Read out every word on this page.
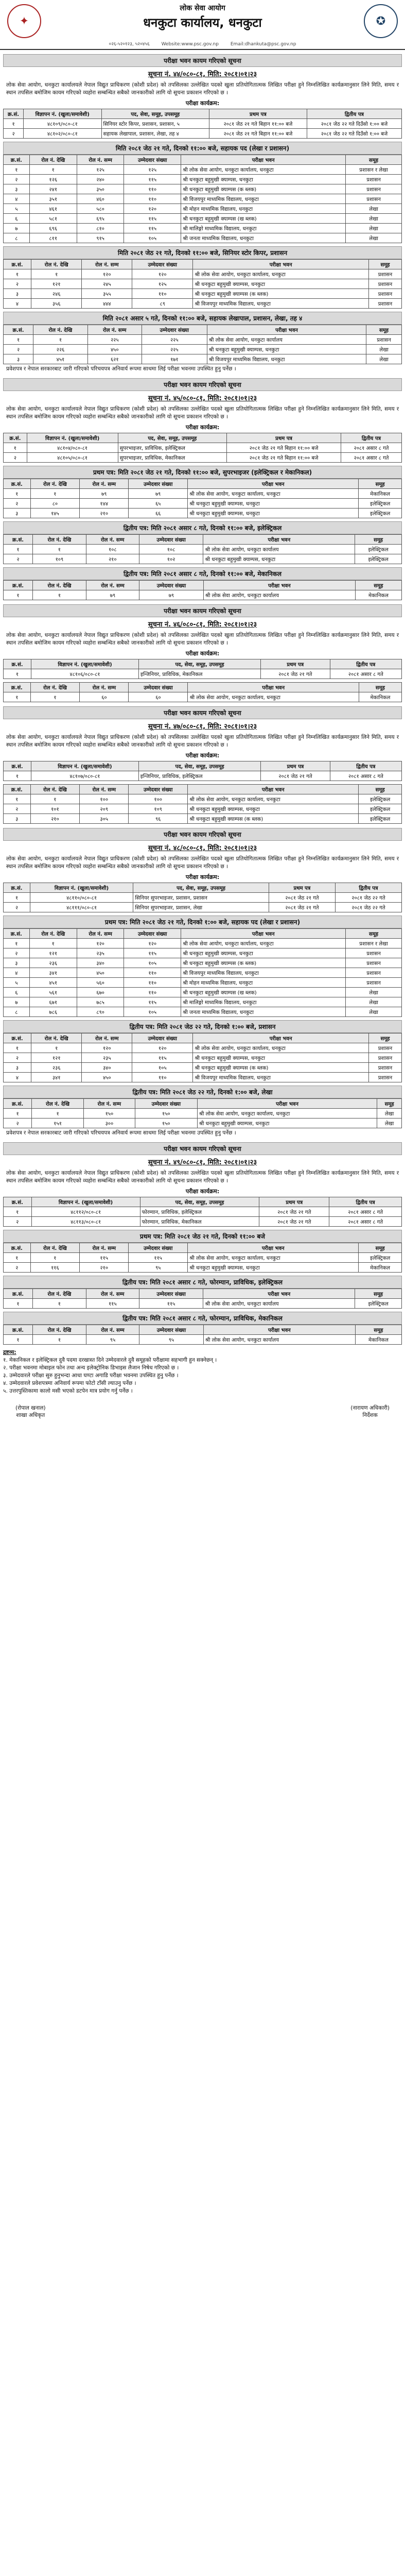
✦	✪
लोक सेवा आयोग
धनकुटा कार्यालय, धनकुटा
०२६-५२०१२३, ५२०४५६	Website:www.psc.gov.np	Email:dhankuta@psc.gov.np
परीक्षा भवन कायम गरिएको सूचना
सूचना नं. ४४/०८०-८१, मिति: २०८१।०१।२३
लोक सेवा आयोग, धनकुटा कार्यालयले नेपाल विद्युत प्राधिकरण (कोशी प्रदेश) को तपसिलका उल्लेखित पदको खुला प्रतियोगितात्मक लिखित परीक्षा हुने निम्नलिखित कार्यक्रमानुसार लिने मिति, समय र स्थान तपसिल बमोजिम कायम गरिएको व्यहोरा सम्बन्धित सबैको जानकारीको लागि यो सूचना प्रकाशन गरिएको छ ।
परीक्षा कार्यक्रम:
क्र.सं.	विज्ञापन नं. (खुला/समावेशी)	पद, सेवा, समूह, उपसमूह	प्रथम पत्र	द्वितीय पत्र
१	४८१०९/०८०-८१	सिनियर स्टोर किपर, प्रशासन, प्रशासन, ५	२०८१ जेठ २१ गते बिहान ११:०० बजे	२०८१ जेठ २२ गते दिउँसो १:०० बजे
२	४८१०२/०८०-८१	सहायक लेखापाल, प्रशासन, लेखा, तह ४	२०८१ जेठ २१ गते बिहान ११:०० बजे	२०८१ जेठ २२ गते दिउँसो १:०० बजे
मिति २०८१ जेठ २१ गते, दिनको ११:०० बजे, सहायक पद (लेखा र प्रशासन)
क्र.सं.	रोल नं. देखि	रोल नं. सम्म	उम्मेदवार संख्या	परीक्षा भवन	समूह
१	१	१२५	१२५	श्री लोक सेवा आयोग, धनकुटा कार्यालय, धनकुटा	प्रशासन र लेखा
२	१२६	२४०	११५	श्री धनकुटा बहुमुखी क्याम्पस, धनकुटा	प्रशासन
३	२४१	३५०	११०	श्री धनकुटा बहुमुखी क्याम्पस (क ब्लक)	प्रशासन
४	३५१	४६०	११०	श्री विजयपुर माध्यमिक विद्यालय, धनकुटा	प्रशासन
५	४६१	५८०	१२०	श्री मोहन माध्यमिक विद्यालय, धनकुटा	लेखा
६	५८१	६९५	११५	श्री धनकुटा बहुमुखी क्याम्पस (ख ब्लक)	लेखा
७	६९६	८१०	११५	श्री मालिङ्गो माध्यमिक विद्यालय, धनकुटा	लेखा
८	८११	९१५	१०५	श्री जनता माध्यमिक विद्यालय, धनकुटा	लेखा
मिति २०८१ जेठ २१ गते, दिनको ११:०० बजे, सिनियर स्टोर किपर, प्रशासन
क्र.सं.	रोल नं. देखि	रोल नं. सम्म	उम्मेदवार संख्या	परीक्षा भवन	समूह
१	१	१२०	१२०	श्री लोक सेवा आयोग, धनकुटा कार्यालय, धनकुटा	प्रशासन
२	१२१	२४५	१२५	श्री धनकुटा बहुमुखी क्याम्पस, धनकुटा	प्रशासन
३	२४६	३५५	११०	श्री धनकुटा बहुमुखी क्याम्पस (क ब्लक)	प्रशासन
४	३५६	४४४	८९	श्री विजयपुर माध्यमिक विद्यालय, धनकुटा	प्रशासन
मिति २०८१ असार ५ गते, दिनको ११:०० बजे, सहायक लेखापाल, प्रशासन, लेखा, तह ४
क्र.सं.	रोल नं. देखि	रोल नं. सम्म	उम्मेदवार संख्या	परीक्षा भवन	समूह
१	१	२२५	२२५	श्री लोक सेवा आयोग, धनकुटा कार्यालय	प्रशासन
२	२२६	४५०	२२५	श्री धनकुटा बहुमुखी क्याम्पस, धनकुटा	लेखा
३	४५१	६२१	१७१	श्री विजयपुर माध्यमिक विद्यालय, धनकुटा	लेखा
प्रवेशपत्र र नेपाल सरकारबाट जारी गरिएको परिचयपत्र अनिवार्य रूपमा साथमा लिई परीक्षा भवनमा उपस्थित हुनु पर्नेछ ।
परीक्षा भवन कायम गरिएको सूचना
सूचना नं. ४५/०८०-८१, मिति: २०८१।०१।२३
लोक सेवा आयोग, धनकुटा कार्यालयले नेपाल विद्युत प्राधिकरण (कोशी प्रदेश) को तपसिलका उल्लेखित पदको खुला प्रतियोगितात्मक लिखित परीक्षा हुने निम्नलिखित कार्यक्रमानुसार लिने मिति, समय र स्थान तपसिल बमोजिम कायम गरिएको व्यहोरा सम्बन्धित सबैको जानकारीको लागि यो सूचना प्रकाशन गरिएको छ ।
परीक्षा कार्यक्रम:
क्र.सं.	विज्ञापन नं. (खुला/समावेशी)	पद, सेवा, समूह, उपसमूह	प्रथम पत्र	द्वितीय पत्र
१	४८१०४/०८०-८१	सुपरभाइजर, प्राविधिक, इलेक्ट्रिकल	२०८१ जेठ २१ गते बिहान ११:०० बजे	२०८१ असार ८ गते
२	४८१०५/०८०-८१	सुपरभाइजर, प्राविधिक, मेकानिकल	२०८१ जेठ २१ गते बिहान ११:०० बजे	२०८१ असार ८ गते
प्रथम पत्र: मिति २०८१ जेठ २१ गते, दिनको ११:०० बजे, सुपरभाइजर (इलेक्ट्रिकल र मेकानिकल)
क्र.सं.	रोल नं. देखि	रोल नं. सम्म	उम्मेदवार संख्या	परीक्षा भवन	समूह
१	१	७९	७९	श्री लोक सेवा आयोग, धनकुटा कार्यालय, धनकुटा	मेकानिकल
२	८०	१४४	६५	श्री धनकुटा बहुमुखी क्याम्पस, धनकुटा	इलेक्ट्रिकल
३	१४५	२१०	६६	श्री धनकुटा बहुमुखी क्याम्पस, धनकुटा	इलेक्ट्रिकल
द्वितीय पत्र: मिति २०८१ असार ८ गते, दिनको ११:०० बजे, इलेक्ट्रिकल
क्र.सं.	रोल नं. देखि	रोल नं. सम्म	उम्मेदवार संख्या	परीक्षा भवन	समूह
१	१	१०८	१०८	श्री लोक सेवा आयोग, धनकुटा कार्यालय	इलेक्ट्रिकल
२	१०९	२१०	१०२	श्री धनकुटा बहुमुखी क्याम्पस, धनकुटा	इलेक्ट्रिकल
द्वितीय पत्र: मिति २०८१ असार ८ गते, दिनको ११:०० बजे, मेकानिकल
क्र.सं.	रोल नं. देखि	रोल नं. सम्म	उम्मेदवार संख्या	परीक्षा भवन	समूह
१	१	७९	७९	श्री लोक सेवा आयोग, धनकुटा कार्यालय	मेकानिकल
परीक्षा भवन कायम गरिएको सूचना
सूचना नं. ४६/०८०-८१, मिति: २०८१।०१।२३
लोक सेवा आयोग, धनकुटा कार्यालयले नेपाल विद्युत प्राधिकरण (कोशी प्रदेश) को तपसिलका उल्लेखित पदको खुला प्रतियोगितात्मक लिखित परीक्षा हुने निम्नलिखित कार्यक्रमानुसार लिने मिति, समय र स्थान तपसिल बमोजिम कायम गरिएको व्यहोरा सम्बन्धित सबैको जानकारीको लागि यो सूचना प्रकाशन गरिएको छ ।
परीक्षा कार्यक्रम:
क्र.सं.	विज्ञापन नं. (खुला/समावेशी)	पद, सेवा, समूह, उपसमूह	प्रथम पत्र	द्वितीय पत्र
१	४८१०६/०८०-८१	इन्जिनियर, प्राविधिक, मेकानिकल	२०८१ जेठ २१ गते	२०८१ असार ८ गते
क्र.सं.	रोल नं. देखि	रोल नं. सम्म	उम्मेदवार संख्या	परीक्षा भवन	समूह
१	१	६०	६०	श्री लोक सेवा आयोग, धनकुटा कार्यालय, धनकुटा	मेकानिकल
परीक्षा भवन कायम गरिएको सूचना
सूचना नं. ४७/०८०-८१, मिति: २०८१।०१।२३
लोक सेवा आयोग, धनकुटा कार्यालयले नेपाल विद्युत प्राधिकरण (कोशी प्रदेश) को तपसिलका उल्लेखित पदको खुला प्रतियोगितात्मक लिखित परीक्षा हुने निम्नलिखित कार्यक्रमानुसार लिने मिति, समय र स्थान तपसिल बमोजिम कायम गरिएको व्यहोरा सम्बन्धित सबैको जानकारीको लागि यो सूचना प्रकाशन गरिएको छ ।
परीक्षा कार्यक्रम:
क्र.सं.	विज्ञापन नं. (खुला/समावेशी)	पद, सेवा, समूह, उपसमूह	प्रथम पत्र	द्वितीय पत्र
१	४८१०७/०८०-८१	इन्जिनियर, प्राविधिक, इलेक्ट्रिकल	२०८१ जेठ २१ गते	२०८१ असार ८ गते
क्र.सं.	रोल नं. देखि	रोल नं. सम्म	उम्मेदवार संख्या	परीक्षा भवन	समूह
१	१	१००	१००	श्री लोक सेवा आयोग, धनकुटा कार्यालय, धनकुटा	इलेक्ट्रिकल
२	१०१	२०९	१०९	श्री धनकुटा बहुमुखी क्याम्पस, धनकुटा	इलेक्ट्रिकल
३	२१०	३०५	९६	श्री धनकुटा बहुमुखी क्याम्पस (क ब्लक)	इलेक्ट्रिकल
परीक्षा भवन कायम गरिएको सूचना
सूचना नं. ४८/०८०-८१, मिति: २०८१।०१।२३
लोक सेवा आयोग, धनकुटा कार्यालयले नेपाल विद्युत प्राधिकरण (कोशी प्रदेश) को तपसिलका उल्लेखित पदको खुला प्रतियोगितात्मक लिखित परीक्षा हुने निम्नलिखित कार्यक्रमानुसार लिने मिति, समय र स्थान तपसिल बमोजिम कायम गरिएको व्यहोरा सम्बन्धित सबैको जानकारीको लागि यो सूचना प्रकाशन गरिएको छ ।
परीक्षा कार्यक्रम:
क्र.सं.	विज्ञापन नं. (खुला/समावेशी)	पद, सेवा, समूह, उपसमूह	प्रथम पत्र	द्वितीय पत्र
१	४८११०/०८०-८१	सिनियर सुपरभाइजर, प्रशासन, प्रशासन	२०८१ जेठ २१ गते	२०८१ जेठ २२ गते
२	४८१११/०८०-८१	सिनियर सुपरभाइजर, प्रशासन, लेखा	२०८१ जेठ २१ गते	२०८१ जेठ २२ गते
प्रथम पत्र: मिति २०८१ जेठ २१ गते, दिनको १:०० बजे, सहायक पद (लेखा र प्रशासन)
क्र.सं.	रोल नं. देखि	रोल नं. सम्म	उम्मेदवार संख्या	परीक्षा भवन	समूह
१	१	१२०	१२०	श्री लोक सेवा आयोग, धनकुटा कार्यालय, धनकुटा	प्रशासन र लेखा
२	१२१	२३५	११५	श्री धनकुटा बहुमुखी क्याम्पस, धनकुटा	प्रशासन
३	२३६	३४०	१०५	श्री धनकुटा बहुमुखी क्याम्पस (क ब्लक)	प्रशासन
४	३४१	४५०	११०	श्री विजयपुर माध्यमिक विद्यालय, धनकुटा	प्रशासन
५	४५१	५६०	११०	श्री मोहन माध्यमिक विद्यालय, धनकुटा	प्रशासन
६	५६१	६७०	११०	श्री धनकुटा बहुमुखी क्याम्पस (ख ब्लक)	लेखा
७	६७१	७८५	११५	श्री मालिङ्गो माध्यमिक विद्यालय, धनकुटा	लेखा
८	७८६	८९०	१०५	श्री जनता माध्यमिक विद्यालय, धनकुटा	लेखा
द्वितीय पत्र: मिति २०८१ जेठ २२ गते, दिनको १:०० बजे, प्रशासन
क्र.सं.	रोल नं. देखि	रोल नं. सम्म	उम्मेदवार संख्या	परीक्षा भवन	समूह
१	१	१२०	१२०	श्री लोक सेवा आयोग, धनकुटा कार्यालय, धनकुटा	प्रशासन
२	१२१	२३५	११५	श्री धनकुटा बहुमुखी क्याम्पस, धनकुटा	प्रशासन
३	२३६	३४०	१०५	श्री धनकुटा बहुमुखी क्याम्पस (क ब्लक)	प्रशासन
४	३४१	४५०	११०	श्री विजयपुर माध्यमिक विद्यालय, धनकुटा	प्रशासन
द्वितीय पत्र: मिति २०८१ जेठ २२ गते, दिनको १:०० बजे, लेखा
क्र.सं.	रोल नं. देखि	रोल नं. सम्म	उम्मेदवार संख्या	परीक्षा भवन	समूह
१	१	१५०	१५०	श्री लोक सेवा आयोग, धनकुटा कार्यालय, धनकुटा	लेखा
२	१५१	३००	१५०	श्री धनकुटा बहुमुखी क्याम्पस, धनकुटा	लेखा
प्रवेशपत्र र नेपाल सरकारबाट जारी गरिएको परिचयपत्र अनिवार्य रूपमा साथमा लिई परीक्षा भवनमा उपस्थित हुनु पर्नेछ ।
परीक्षा भवन कायम गरिएको सूचना
सूचना नं. ४९/०८०-८१, मिति: २०८१।०१।२३
लोक सेवा आयोग, धनकुटा कार्यालयले नेपाल विद्युत प्राधिकरण (कोशी प्रदेश) को तपसिलका उल्लेखित पदको खुला प्रतियोगितात्मक लिखित परीक्षा हुने निम्नलिखित कार्यक्रमानुसार लिने मिति, समय र स्थान तपसिल बमोजिम कायम गरिएको व्यहोरा सम्बन्धित सबैको जानकारीको लागि यो सूचना प्रकाशन गरिएको छ ।
परीक्षा कार्यक्रम:
क्र.सं.	विज्ञापन नं. (खुला/समावेशी)	पद, सेवा, समूह, उपसमूह	प्रथम पत्र	द्वितीय पत्र
१	४८११२/०८०-८१	फोरम्यान, प्राविधिक, इलेक्ट्रिकल	२०८१ जेठ २१ गते	२०८१ असार ८ गते
२	४८११३/०८०-८१	फोरम्यान, प्राविधिक, मेकानिकल	२०८१ जेठ २१ गते	२०८१ असार ८ गते
प्रथम पत्र: मिति २०८१ जेठ २१ गते, दिनको ११:०० बजे
क्र.सं.	रोल नं. देखि	रोल नं. सम्म	उम्मेदवार संख्या	परीक्षा भवन	समूह
१	१	११५	११५	श्री लोक सेवा आयोग, धनकुटा कार्यालय, धनकुटा	इलेक्ट्रिकल
२	११६	२१०	९५	श्री धनकुटा बहुमुखी क्याम्पस, धनकुटा	मेकानिकल
द्वितीय पत्र: मिति २०८१ असार ८ गते, फोरम्यान, प्राविधिक, इलेक्ट्रिकल
क्र.सं.	रोल नं. देखि	रोल नं. सम्म	उम्मेदवार संख्या	परीक्षा भवन	समूह
१	१	११५	११५	श्री लोक सेवा आयोग, धनकुटा कार्यालय	इलेक्ट्रिकल
द्वितीय पत्र: मिति २०८१ असार ८ गते, फोरम्यान, प्राविधिक, मेकानिकल
क्र.सं.	रोल नं. देखि	रोल नं. सम्म	उम्मेदवार संख्या	परीक्षा भवन	समूह
१	१	९५	९५	श्री लोक सेवा आयोग, धनकुटा कार्यालय	मेकानिकल
द्रष्टव्य:
१. मेकानिकल र इलेक्ट्रिकल दुवै पदमा दरखास्त दिने उम्मेदवारले दुवै समूहको परीक्षामा सहभागी हुन सक्नेछन् ।
२. परीक्षा भवनमा मोबाइल फोन तथा अन्य इलेक्ट्रोनिक डिभाइस लैजान निषेध गरिएको छ ।
३. उम्मेदवारले परीक्षा सुरु हुनुभन्दा आधा घण्टा अगाडि परीक्षा भवनमा उपस्थित हुनु पर्नेछ ।
४. उम्मेदवारले प्रवेशपत्रमा अनिवार्य रूपमा फोटो टाँसी ल्याउनु पर्नेछ ।
५. उत्तरपुस्तिकामा कालो मसी भएको डटपेन मात्र प्रयोग गर्नु पर्नेछ ।
(रोपाल खनाल)
शाखा अधिकृत
(नारायण अधिकारी)
निर्देशक
